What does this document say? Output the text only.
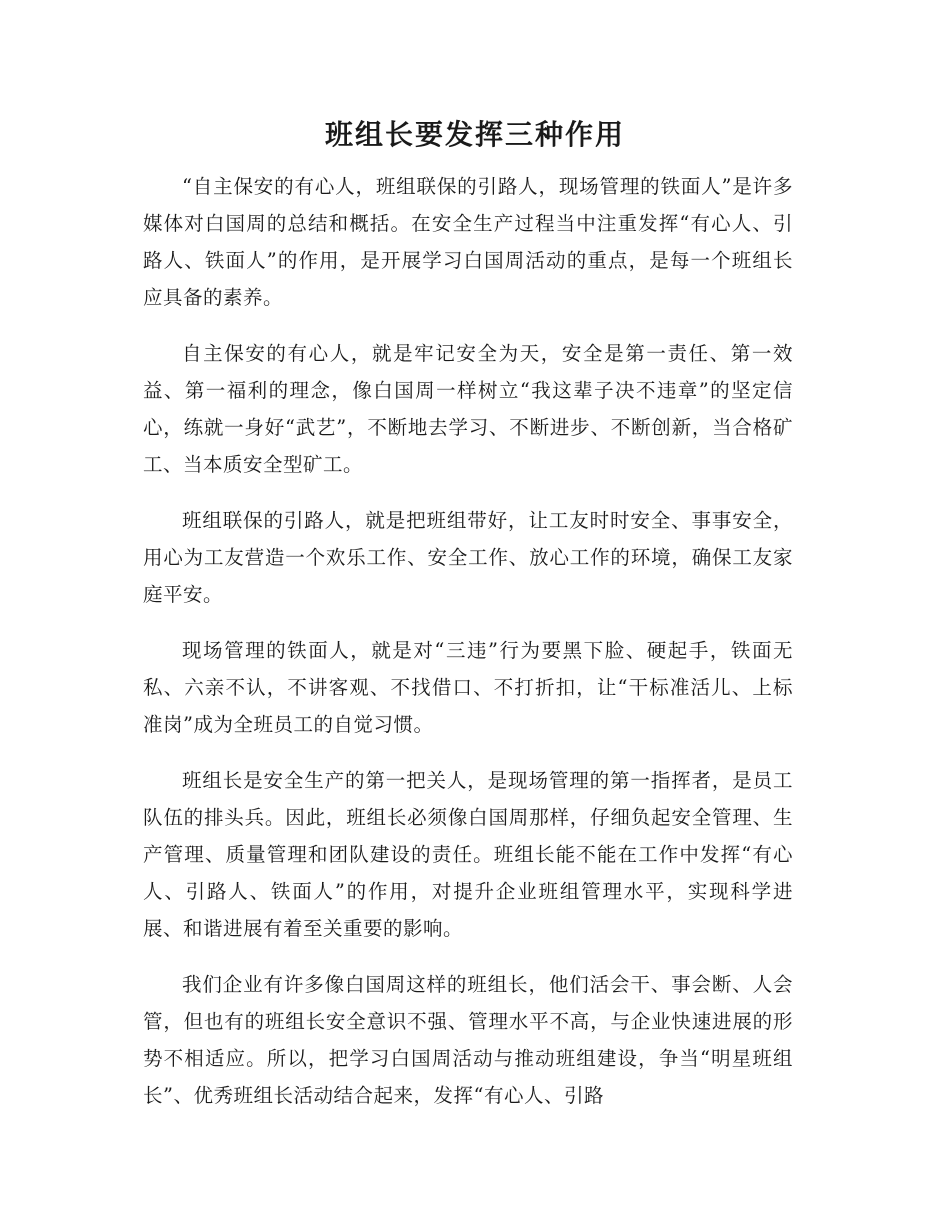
班组长要发挥三种作用

“自主保安的有心人，班组联保的引路人，现场管理的铁面人”是许多媒体对白国周的总结和概括。在安全生产过程当中注重发挥“有心人、引路人、铁面人”的作用，是开展学习白国周活动的重点，是每一个班组长应具备的素养。

自主保安的有心人，就是牢记安全为天，安全是第一责任、第一效益、第一福利的理念，像白国周一样树立“我这辈子决不违章”的坚定信心，练就一身好“武艺”，不断地去学习、不断进步、不断创新，当合格矿工、当本质安全型矿工。

班组联保的引路人，就是把班组带好，让工友时时安全、事事安全，用心为工友营造一个欢乐工作、安全工作、放心工作的环境，确保工友家庭平安。

现场管理的铁面人，就是对“三违”行为要黑下脸、硬起手，铁面无私、六亲不认，不讲客观、不找借口、不打折扣，让“干标准活儿、上标准岗”成为全班员工的自觉习惯。

班组长是安全生产的第一把关人，是现场管理的第一指挥者，是员工队伍的排头兵。因此，班组长必须像白国周那样，仔细负起安全管理、生产管理、质量管理和团队建设的责任。班组长能不能在工作中发挥“有心人、引路人、铁面人”的作用，对提升企业班组管理水平，实现科学进展、和谐进展有着至关重要的影响。

我们企业有许多像白国周这样的班组长，他们活会干、事会断、人会管，但也有的班组长安全意识不强、管理水平不高，与企业快速进展的形势不相适应。所以，把学习白国周活动与推动班组建设，争当“明星班组长”、优秀班组长活动结合起来，发挥“有心人、引路
